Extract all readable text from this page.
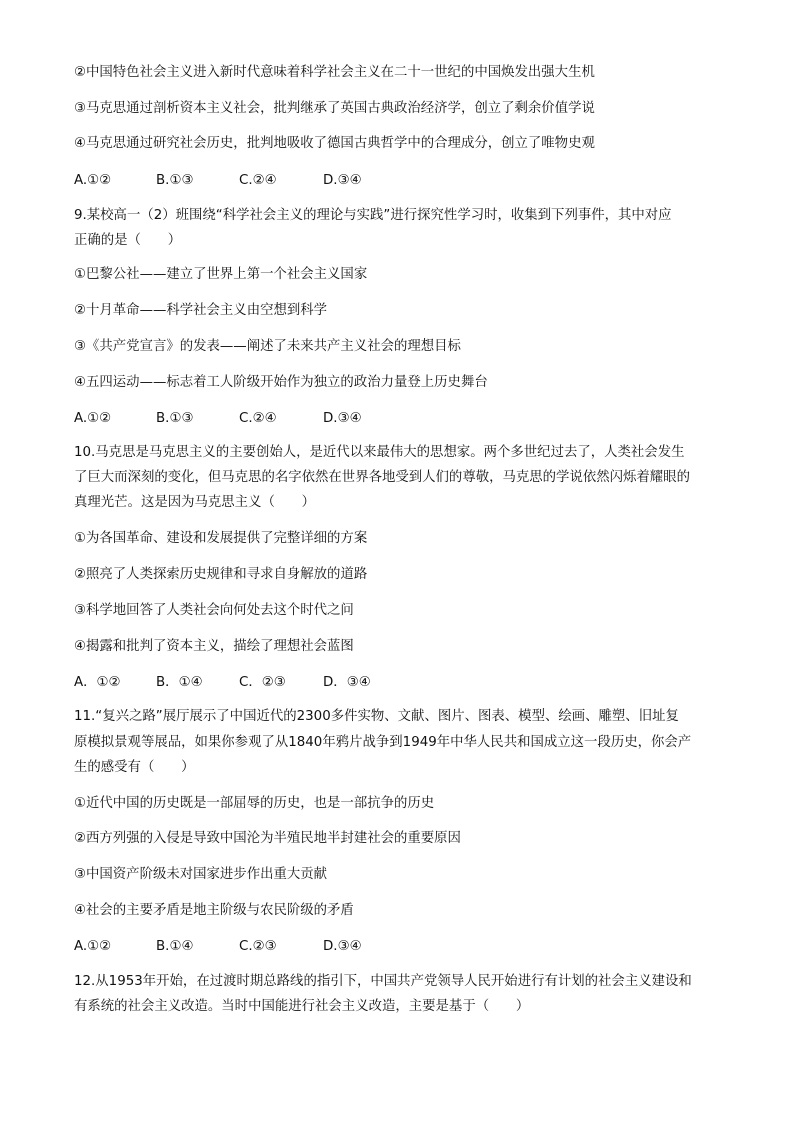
②中国特色社会主义进入新时代意味着科学社会主义在二十一世纪的中国焕发出强大生机
③马克思通过剖析资本主义社会，批判继承了英国古典政治经济学，创立了剩余价值学说
④马克思通过研究社会历史，批判地吸收了德国古典哲学中的合理成分，创立了唯物史观
A.①②	B.①③	C.②④	D.③④
9.某校高一（2）班围绕“科学社会主义的理论与实践”进行探究性学习时，收集到下列事件，其中对应
正确的是（　　）
①巴黎公社——建立了世界上第一个社会主义国家
②十月革命——科学社会主义由空想到科学
③《共产党宣言》的发表——阐述了未来共产主义社会的理想目标
④五四运动——标志着工人阶级开始作为独立的政治力量登上历史舞台
A.①②	B.①③	C.②④	D.③④
10.马克思是马克思主义的主要创始人，是近代以来最伟大的思想家。两个多世纪过去了，人类社会发生
了巨大而深刻的变化，但马克思的名字依然在世界各地受到人们的尊敬，马克思的学说依然闪烁着耀眼的
真理光芒。这是因为马克思主义（　　）
①为各国革命、建设和发展提供了完整详细的方案
②照亮了人类探索历史规律和寻求自身解放的道路
③科学地回答了人类社会向何处去这个时代之问
④揭露和批判了资本主义，描绘了理想社会蓝图
A．①②	B．①④	C．②③	D．③④
11.“复兴之路”展厅展示了中国近代的2300多件实物、文献、图片、图表、模型、绘画、雕塑、旧址复
原模拟景观等展品，如果你参观了从1840年鸦片战争到1949年中华人民共和国成立这一段历史，你会产
生的感受有（　　）
①近代中国的历史既是一部屈辱的历史，也是一部抗争的历史
②西方列强的入侵是导致中国沦为半殖民地半封建社会的重要原因
③中国资产阶级未对国家进步作出重大贡献
④社会的主要矛盾是地主阶级与农民阶级的矛盾
A.①②	B.①④	C.②③	D.③④
12.从1953年开始，在过渡时期总路线的指引下，中国共产党领导人民开始进行有计划的社会主义建设和
有系统的社会主义改造。当时中国能进行社会主义改造，主要是基于（　　）
